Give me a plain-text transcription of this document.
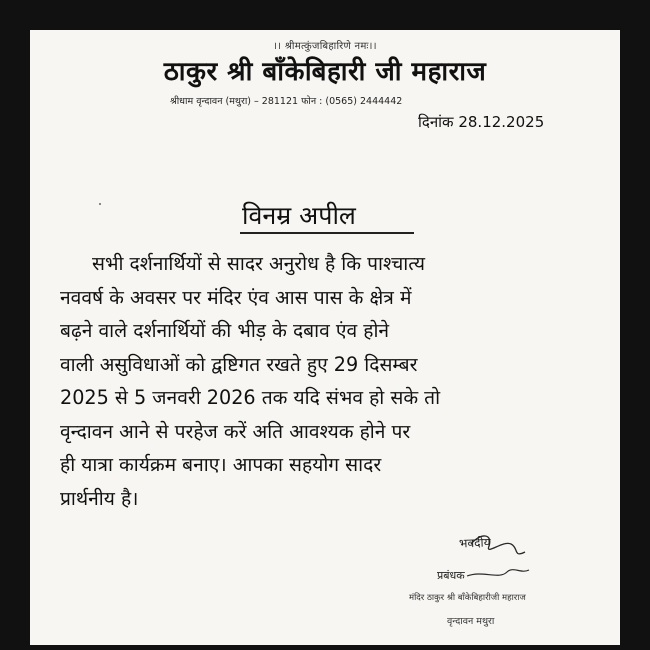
।। श्रीमत्कुंजबिहारिणे नमः।।
ठाकुर श्री बाँकेबिहारी जी महाराज
श्रीधाम वृन्दावन (मथुरा) – 281121 फोन : (0565) 2444442
दिनांक 28.12.2025
विनम्र अपील
सभी दर्शनार्थियों से सादर अनुरोध है कि पाश्चात्य
नववर्ष के अवसर पर मंदिर एंव आस पास के क्षेत्र में
बढ़ने वाले दर्शनार्थियों की भीड़ के दबाव एंव होने
वाली असुविधाओं को द्वष्टिगत रखते हुए 29 दिसम्बर
2025 से 5 जनवरी 2026 तक यदि संभव हो सके तो
वृन्दावन आने से परहेज करें अति आवश्यक होने पर
ही यात्रा कार्यक्रम बनाए। आपका सहयोग सादर
प्रार्थनीय है।
भवदीय
प्रबंधक
मंदिर ठाकुर श्री बाँकेबिहारीजी महाराज
वृन्दावन मथुरा
